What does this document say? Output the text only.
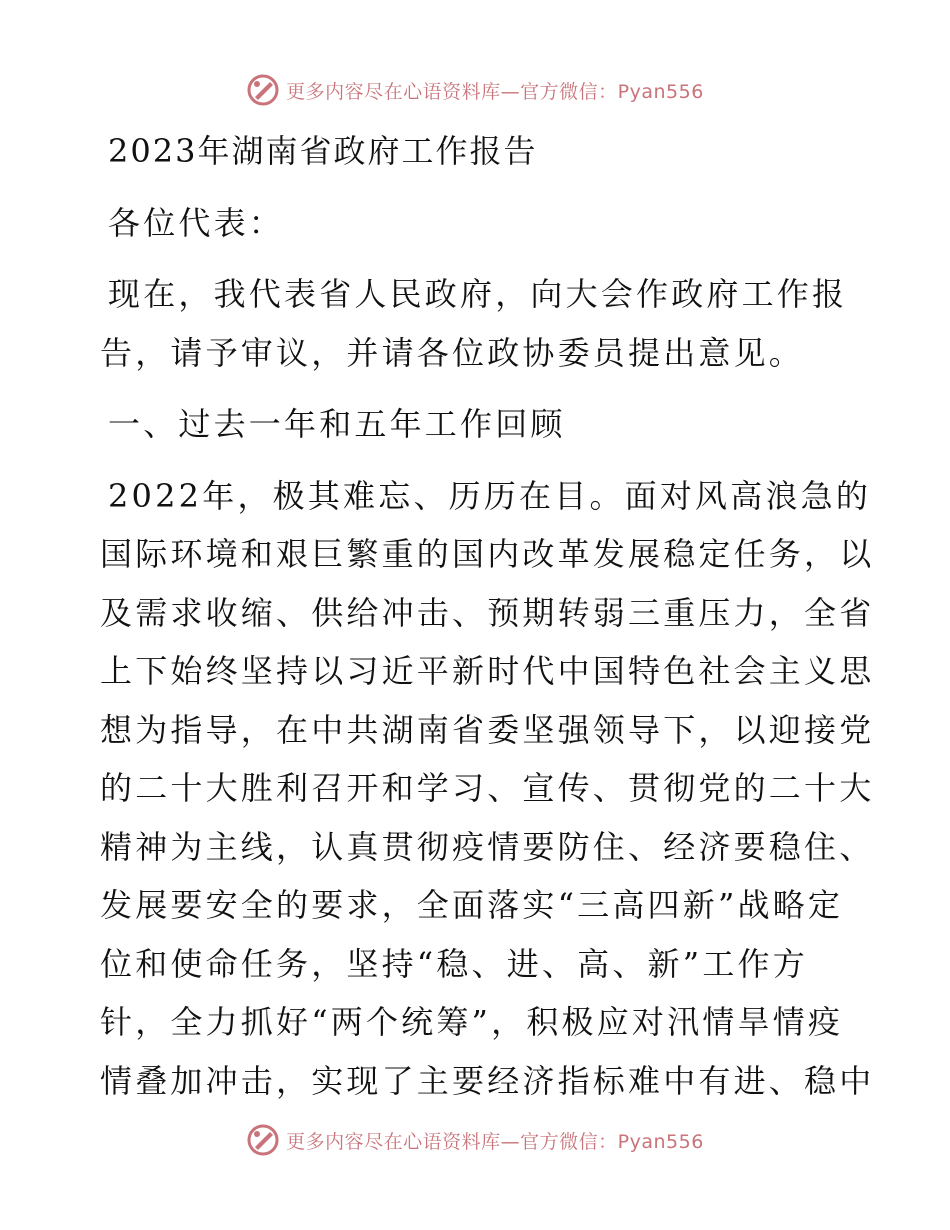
更多内容尽在心语资料库—官方微信：Pyan556
2023年湖南省政府工作报告
各位代表：
现在，我代表省人民政府，向大会作政府工作报
告，请予审议，并请各位政协委员提出意见。
一、过去一年和五年工作回顾
2022年，极其难忘、历历在目。面对风高浪急的
国际环境和艰巨繁重的国内改革发展稳定任务，以
及需求收缩、供给冲击、预期转弱三重压力，全省
上下始终坚持以习近平新时代中国特色社会主义思
想为指导，在中共湖南省委坚强领导下，以迎接党
的二十大胜利召开和学习、宣传、贯彻党的二十大
精神为主线，认真贯彻疫情要防住、经济要稳住、
发展要安全的要求，全面落实“三高四新”战略定
位和使命任务，坚持“稳、进、高、新”工作方
针，全力抓好“两个统筹”，积极应对汛情旱情疫
情叠加冲击，实现了主要经济指标难中有进、稳中
更多内容尽在心语资料库—官方微信：Pyan556
